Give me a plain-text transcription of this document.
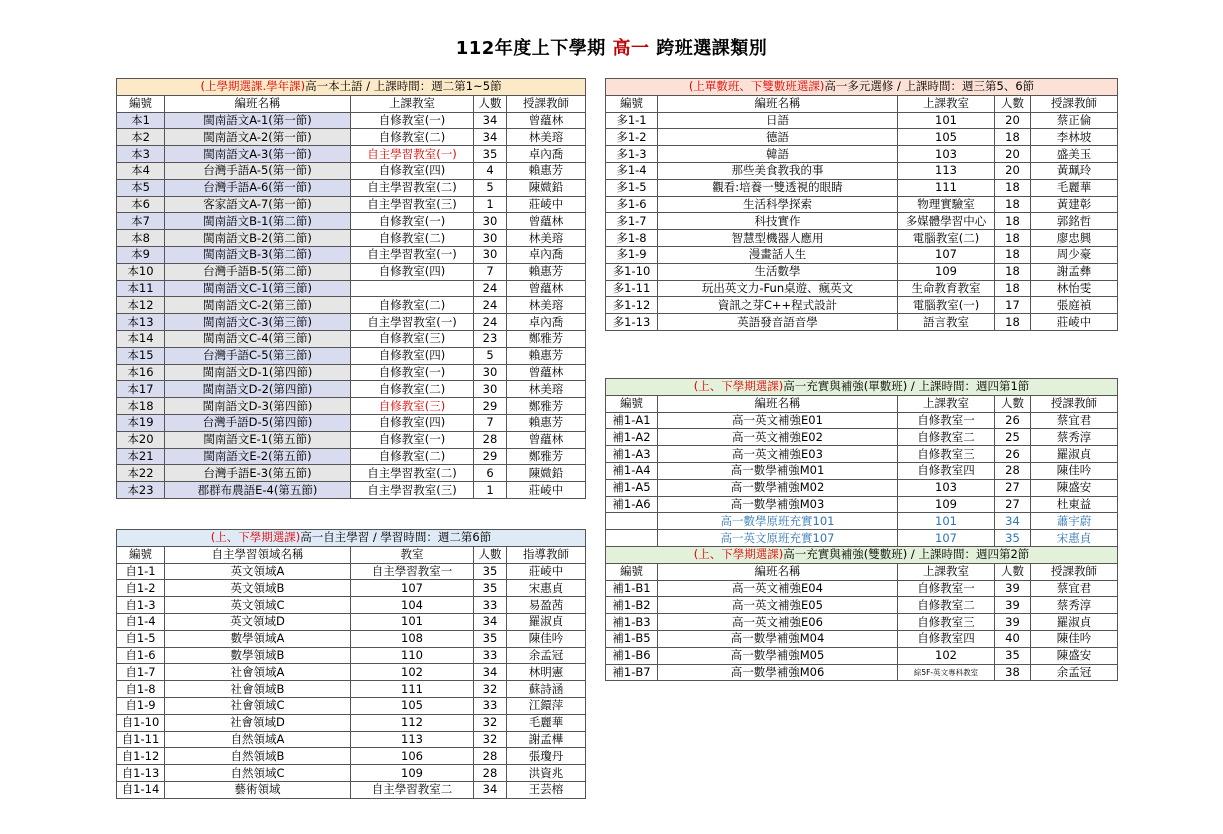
112年度上下學期 高一 跨班選課類別
(上學期選課.學年課)高一本土語 / 上課時間：週二第1~5節				
編號	編班名稱	上課教室	人數	授課教師
本1	閩南語文A-1(第一節)	自修教室(一)	34	曾蘊林
本2	閩南語文A-2(第一節)	自修教室(二)	34	林美瑢
本3	閩南語文A-3(第一節)	自主學習教室(一)	35	卓內喬
本4	台灣手語A-5(第一節)	自修教室(四)	4	賴惠芳
本5	台灣手語A-6(第一節)	自主學習教室(二)	5	陳媺鉛
本6	客家語文A-7(第一節)	自主學習教室(三)	1	莊崚中
本7	閩南語文B-1(第二節)	自修教室(一)	30	曾蘊林
本8	閩南語文B-2(第二節)	自修教室(二)	30	林美瑢
本9	閩南語文B-3(第二節)	自主學習教室(一)	30	卓內喬
本10	台灣手語B-5(第二節)	自修教室(四)	7	賴惠芳
本11	閩南語文C-1(第三節)		24	曾蘊林
本12	閩南語文C-2(第三節)	自修教室(二)	24	林美瑢
本13	閩南語文C-3(第三節)	自主學習教室(一)	24	卓內喬
本14	閩南語文C-4(第三節)	自修教室(三)	23	鄭雅芳
本15	台灣手語C-5(第三節)	自修教室(四)	5	賴惠芳
本16	閩南語文D-1(第四節)	自修教室(一)	30	曾蘊林
本17	閩南語文D-2(第四節)	自修教室(二)	30	林美瑢
本18	閩南語文D-3(第四節)	自修教室(三)	29	鄭雅芳
本19	台灣手語D-5(第四節)	自修教室(四)	7	賴惠芳
本20	閩南語文E-1(第五節)	自修教室(一)	28	曾蘊林
本21	閩南語文E-2(第五節)	自修教室(二)	29	鄭雅芳
本22	台灣手語E-3(第五節)	自主學習教室(二)	6	陳媺鉛
本23	郡群布農語E-4(第五節)	自主學習教室(三)	1	莊崚中
(上單數班、下雙數班選課)高一多元選修 / 上課時間：週三第5、6節				
編號	編班名稱	上課教室	人數	授課教師
多1-1	日語	101	20	蔡正倫
多1-2	德語	105	18	李林坡
多1-3	韓語	103	20	盛美玉
多1-4	那些美食教我的事	113	20	黃珮玲
多1-5	觀看:培養一雙透視的眼睛	111	18	毛麗華
多1-6	生活科學探索	物理實驗室	18	黃建彰
多1-7	科技實作	多媒體學習中心	18	郭銘哲
多1-8	智慧型機器人應用	電腦教室(二)	18	廖忠興
多1-9	漫畫話人生	107	18	周少豪
多1-10	生活數學	109	18	謝孟彝
多1-11	玩出英文力-Fun桌遊、瘋英文	生命教育教室	18	林怡雯
多1-12	資訊之芽C++程式設計	電腦教室(一)	17	張庭禎
多1-13	英語發音語音學	語言教室	18	莊崚中
(上、下學期選課)高一充實與補強(單數班) / 上課時間：週四第1節				
編號	編班名稱	上課教室	人數	授課教師
補1-A1	高一英文補強E01	自修教室一	26	蔡宜君
補1-A2	高一英文補強E02	自修教室二	25	蔡秀淳
補1-A3	高一英文補強E03	自修教室三	26	羅淑貞
補1-A4	高一數學補強M01	自修教室四	28	陳佳吟
補1-A5	高一數學補強M02	103	27	陳盛安
補1-A6	高一數學補強M03	109	27	杜東益
	高一數學原班充實101	101	34	蕭宇蔚
	高一英文原班充實107	107	35	宋惠貞
(上、下學期選課)高一充實與補強(雙數班) / 上課時間：週四第2節				
編號	編班名稱	上課教室	人數	授課教師
補1-B1	高一英文補強E04	自修教室一	39	蔡宜君
補1-B2	高一英文補強E05	自修教室二	39	蔡秀淳
補1-B3	高一英文補強E06	自修教室三	39	羅淑貞
補1-B5	高一數學補強M04	自修教室四	40	陳佳吟
補1-B6	高一數學補強M05	102	35	陳盛安
補1-B7	高一數學補強M06	綜5F-英文專科教室	38	余孟冠
(上、下學期選課)高一自主學習 / 學習時間：週二第6節				
編號	自主學習領域名稱	教室	人數	指導教師
自1-1	英文領域A	自主學習教室一	35	莊崚中
自1-2	英文領域B	107	35	宋惠貞
自1-3	英文領域C	104	33	易盈茜
自1-4	英文領域D	101	34	羅淑貞
自1-5	數學領域A	108	35	陳佳吟
自1-6	數學領域B	110	33	余孟冠
自1-7	社會領域A	102	34	林明憲
自1-8	社會領域B	111	32	蘇詩涵
自1-9	社會領域C	105	33	江鐶萍
自1-10	社會領域D	112	32	毛麗華
自1-11	自然領域A	113	32	謝孟樺
自1-12	自然領域B	106	28	張瓊丹
自1-13	自然領域C	109	28	洪資兆
自1-14	藝術領域	自主學習教室二	34	王芸榕
